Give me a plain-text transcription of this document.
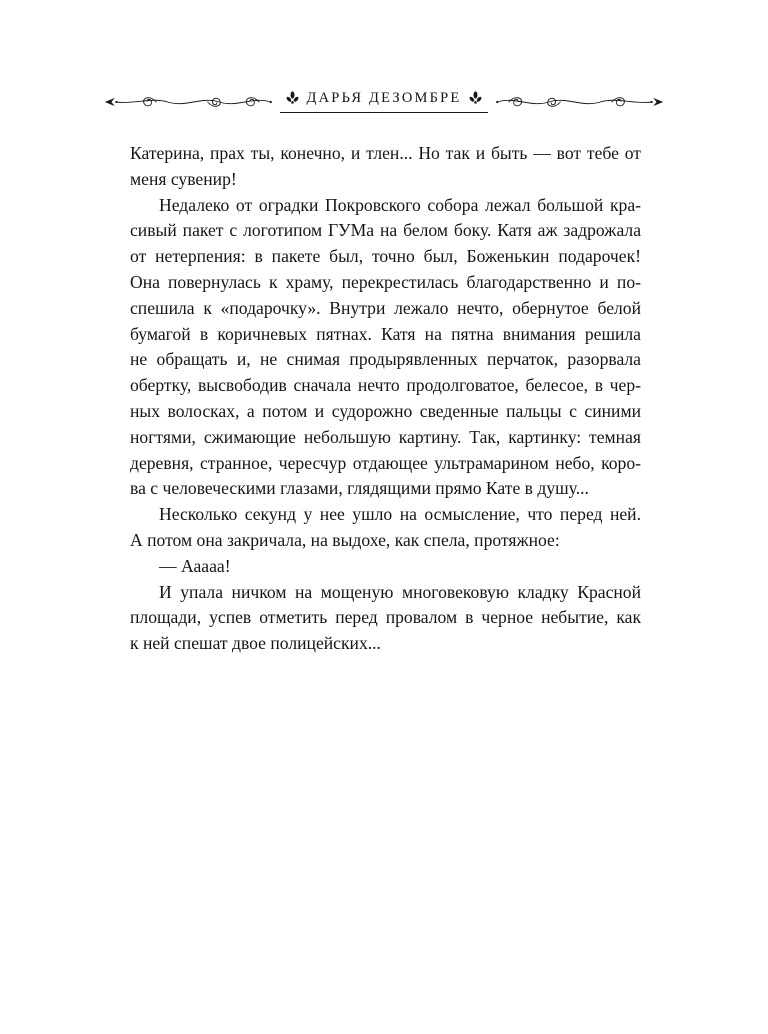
ДАРЬЯ ДЕЗОМБРЕ

Катерина, прах ты, конечно, и тлен... Но так и быть — вот тебе от
меня сувенир!

Недалеко от оградки Покровского собора лежал большой кра-
сивый пакет с логотипом ГУМа на белом боку. Катя аж задрожала
от нетерпения: в пакете был, точно был, Боженькин подарочек!
Она повернулась к храму, перекрестилась благодарственно и по-
спешила к «подарочку». Внутри лежало нечто, обернутое белой
бумагой в коричневых пятнах. Катя на пятна внимания решила
не обращать и, не снимая продырявленных перчаток, разорвала
обертку, высвободив сначала нечто продолговатое, белесое, в чер-
ных волосках, а потом и судорожно сведенные пальцы с синими
ногтями, сжимающие небольшую картину. Так, картинку: темная
деревня, странное, чересчур отдающее ультрамарином небо, коро-
ва с человеческими глазами, глядящими прямо Кате в душу...

Несколько секунд у нее ушло на осмысление, что перед ней.
А потом она закричала, на выдохе, как спела, протяжное:

— Ааааа!

И упала ничком на мощеную многовековую кладку Красной
площади, успев отметить перед провалом в черное небытие, как
к ней спешат двое полицейских...
